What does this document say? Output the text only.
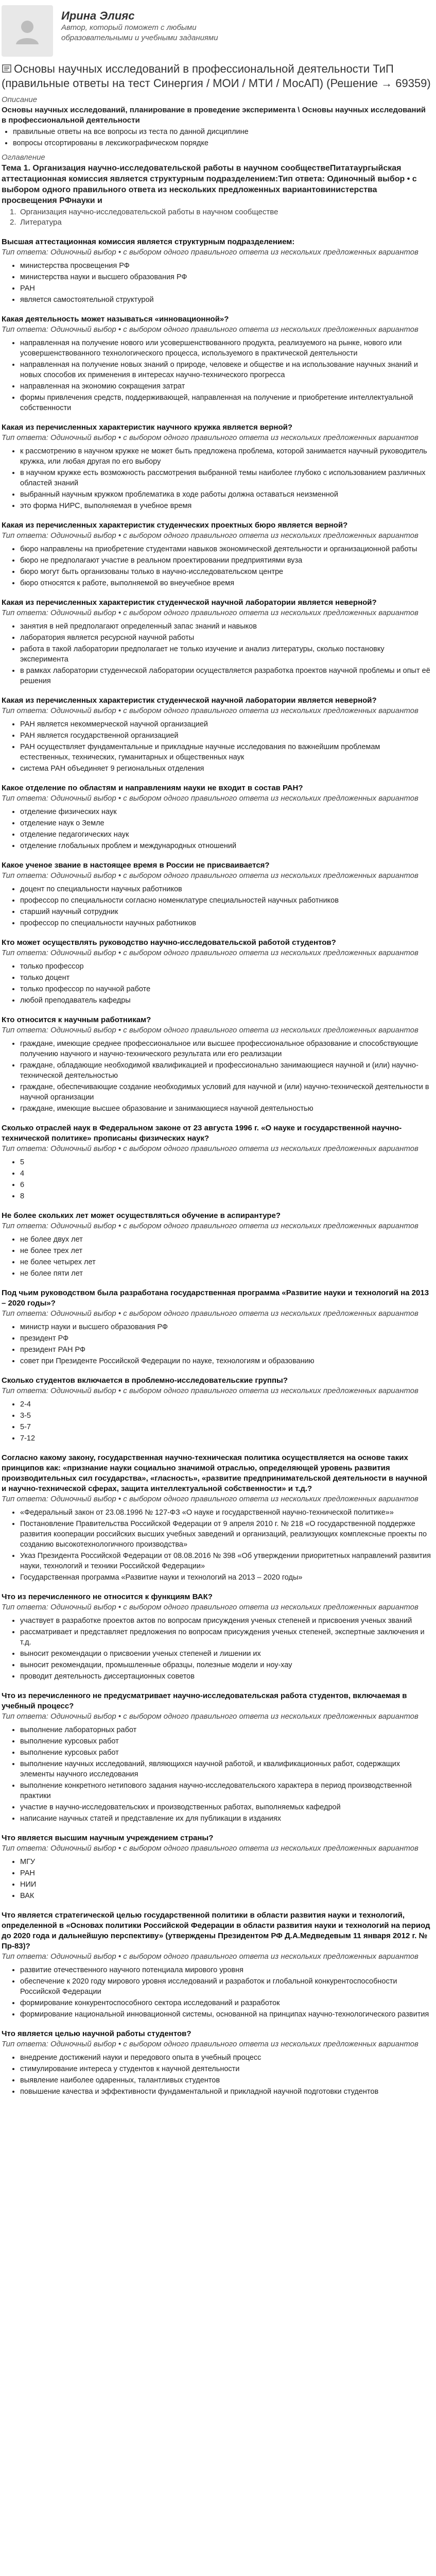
Ирина Элияс
Автор, который поможет с любыми образовательными и учебными заданиями
Основы научных исследований в профессиональной деятельности ТиП (правильные ответы на тест Синергия / МОИ / МТИ / МосАП) (Решение → 69359)
Описание
Основы научных исследований, планирование в проведение эксперимента \ Основы научных исследований в профессиональной деятельности
• правильные ответы на все вопросы из теста по данной дисциплине
• вопросы отсортированы в лексикографическом порядке
Оглавление
Тема 1. Организация научно-исследовательской работы в научном сообществеПитатаургыйская аттестационная комиссия является структурным подразделением:Тип ответа: Одиночный выбор • с выбором одного правильного ответа из нескольких предложенных вариантовинистерства просвещения РФнауки и
1. Организация научно-исследовательской работы в научном сообществе
2. Литература
Высшая аттестационная комиссия является структурным подразделением:
Тип ответа: Одиночный выбор • с выбором одного правильного ответа из нескольких предложенных вариантов
• министерства просвещения РФ
• министерства науки и высшего образования РФ
• РАН
• является самостоятельной структурой
Какая деятельность может называться «инновационной»?
Тип ответа: Одиночный выбор • с выбором одного правильного ответа из нескольких предложенных вариантов
• направленная на получение нового или усовершенствованного продукта, реализуемого на рынке, нового или усовершенствованного технологического процесса, используемого в практической деятельности
• направленная на получение новых знаний о природе, человеке и обществе и на использование научных знаний и новых способов их применения в интересах научно-технического прогресса
• направленная на экономию сокращения затрат
• формы привлечения средств, поддерживающей, направленная на получение и приобретение интеллектуальной собственности
Какая из перечисленных характеристик научного кружка является верной?
Тип ответа: Одиночный выбор • с выбором одного правильного ответа из нескольких предложенных вариантов
• к рассмотрению в научном кружке не может быть предложена проблема, которой занимается научный руководитель кружка, или любая другая по его выбору
• в научном кружке есть возможность рассмотрения выбранной темы наиболее глубоко с использованием различных областей знаний
• выбранный научным кружком проблематика в ходе работы должна оставаться неизменной
• это форма НИРС, выполняемая в учебное время
Какая из перечисленных характеристик студенческих проектных бюро является верной?
Тип ответа: Одиночный выбор • с выбором одного правильного ответа из нескольких предложенных вариантов
• бюро направлены на приобретение студентами навыков экономической деятельности и организационной работы
• бюро не предполагают участие в реальном проектировании предприятиями вуза
• бюро могут быть организованы только в научно-исследовательском центре
• бюро относятся к работе, выполняемой во внеучебное время
Какая из перечисленных характеристик студенческой научной лаборатории является неверной?
Тип ответа: Одиночный выбор • с выбором одного правильного ответа из нескольких предложенных вариантов
• занятия в ней предполагают определенный запас знаний и навыков
• лаборатория является ресурсной научной работы
• работа в такой лаборатории предполагает не только изучение и анализ литературы, сколько постановку эксперимента
• в рамках лаборатории студенческой лаборатории осуществляется разработка проектов научной проблемы и опыт её решения
Какая из перечисленных характеристик студенческой научной лаборатории является неверной?
Тип ответа: Одиночный выбор • с выбором одного правильного ответа из нескольких предложенных вариантов
• РАН является некоммерческой научной организацией
• РАН является государственной организацией
• РАН осуществляет фундаментальные и прикладные научные исследования по важнейшим проблемам естественных, технических, гуманитарных и общественных наук
• система РАН объединяет 9 региональных отделения
Какое отделение по областям и направлениям науки не входит в состав РАН?
Тип ответа: Одиночный выбор • с выбором одного правильного ответа из нескольких предложенных вариантов
• отделение физических наук
• отделение наук о Земле
• отделение педагогических наук
• отделение глобальных проблем и международных отношений
Какое ученое звание в настоящее время в России не присваивается?
Тип ответа: Одиночный выбор • с выбором одного правильного ответа из нескольких предложенных вариантов
• доцент по специальности научных работников
• профессор по специальности согласно номенклатуре специальностей научных работников
• старший научный сотрудник
• профессор по специальности научных работников
Кто может осуществлять руководство научно-исследовательской работой студентов?
Тип ответа: Одиночный выбор • с выбором одного правильного ответа из нескольких предложенных вариантов
• только профессор
• только доцент
• только профессор по научной работе
• любой преподаватель кафедры
Кто относится к научным работникам?
Тип ответа: Одиночный выбор • с выбором одного правильного ответа из нескольких предложенных вариантов
• граждане, имеющие среднее профессиональное или высшее профессиональное образование и способствующие получению научного и научно-технического результата или его реализации
• граждане, обладающие необходимой квалификацией и профессионально занимающиеся научной и (или) научно-технической деятельностью
• граждане, обеспечивающие создание необходимых условий для научной и (или) научно-технической деятельности в научной организации
• граждане, имеющие высшее образование и занимающиеся научной деятельностью
Сколько отраслей наук в Федеральном законе от 23 августа 1996 г. «О науке и государственной научно-технической политике» прописаны физических наук?
Тип ответа: Одиночный выбор • с выбором одного правильного ответа из нескольких предложенных вариантов
• 5
• 4
• 6
• 8
Не более скольких лет может осуществляться обучение в аспирантуре?
Тип ответа: Одиночный выбор • с выбором одного правильного ответа из нескольких предложенных вариантов
• не более двух лет
• не более трех лет
• не более четырех лет
• не более пяти лет
Под чьим руководством была разработана государственная программа «Развитие науки и технологий на 2013 – 2020 годы»?
Тип ответа: Одиночный выбор • с выбором одного правильного ответа из нескольких предложенных вариантов
• министр науки и высшего образования РФ
• президент РФ
• президент РАН РФ
• совет при Президенте Российской Федерации по науке, технологиям и образованию
Сколько студентов включается в проблемно-исследовательские группы?
Тип ответа: Одиночный выбор • с выбором одного правильного ответа из нескольких предложенных вариантов
• 2-4
• 3-5
• 5-7
• 7-12
Согласно какому закону, государственная научно-техническая политика осуществляется на основе таких принципов как: «признание науки социально значимой отраслью, определяющей уровень развития производительных сил государства», «гласность», «развитие предпринимательской деятельности в научной и научно-технической сферах, защита интеллектуальной собственности» и т.д.?
Тип ответа: Одиночный выбор • с выбором одного правильного ответа из нескольких предложенных вариантов
• «Федеральный закон от 23.08.1996 № 127-ФЗ «О науке и государственной научно-технической политике»»
• Постановление Правительства Российской Федерации от 9 апреля 2010 г. № 218 «О государственной поддержке развития кооперации российских высших учебных заведений и организаций, реализующих комплексные проекты по созданию высокотехнологичного производства»
• Указ Президента Российской Федерации от 08.08.2016 № 398 «Об утверждении приоритетных направлений развития науки, технологий и техники Российской Федерации»
• Государственная программа «Развитие науки и технологий на 2013 – 2020 годы»
Что из перечисленного не относится к функциям ВАК?
Тип ответа: Одиночный выбор • с выбором одного правильного ответа из нескольких предложенных вариантов
• участвует в разработке проектов актов по вопросам присуждения ученых степеней и присвоения ученых званий
• рассматривает и представляет предложения по вопросам присуждения ученых степеней, экспертные заключения и т.д.
• выносит рекомендации о присвоении ученых степеней и лишении их
• выносит рекомендации, промышленные образцы, полезные модели и ноу-хау
• проводит деятельность диссертационных советов
Что из перечисленного не предусматривает научно-исследовательская работа студентов, включаемая в учебный процесс?
Тип ответа: Одиночный выбор • с выбором одного правильного ответа из нескольких предложенных вариантов
• выполнение лабораторных работ
• выполнение курсовых работ
• выполнение курсовых работ
• выполнение научных исследований, являющихся научной работой, и квалификационных работ, содержащих элементы научного исследования
• выполнение конкретного нетипового задания научно-исследовательского характера в период производственной практики
• участие в научно-исследовательских и производственных работах, выполняемых кафедрой
• написание научных статей и представление их для публикации в изданиях
Что является высшим научным учреждением страны?
Тип ответа: Одиночный выбор • с выбором одного правильного ответа из нескольких предложенных вариантов
• МГУ
• РАН
• НИИ
• ВАК
Что является стратегической целью государственной политики в области развития науки и технологий, определенной в «Основах политики Российской Федерации в области развития науки и технологий на период до 2020 года и дальнейшую перспективу» (утверждены Президентом РФ Д.А.Медведевым 11 января 2012 г. № Пр-83)?
Тип ответа: Одиночный выбор • с выбором одного правильного ответа из нескольких предложенных вариантов
• развитие отечественного научного потенциала мирового уровня
• обеспечение к 2020 году мирового уровня исследований и разработок и глобальной конкурентоспособности Российской Федерации
• формирование конкурентоспособного сектора исследований и разработок
• формирование национальной инновационной системы, основанной на принципах научно-технологического развития
Что является целью научной работы студентов?
Тип ответа: Одиночный выбор • с выбором одного правильного ответа из нескольких предложенных вариантов
• внедрение достижений науки и передового опыта в учебный процесс
• стимулирование интереса у студентов к научной деятельности
• выявление наиболее одаренных, талантливых студентов
• повышение качества и эффективности фундаментальной и прикладной научной подготовки студентов
